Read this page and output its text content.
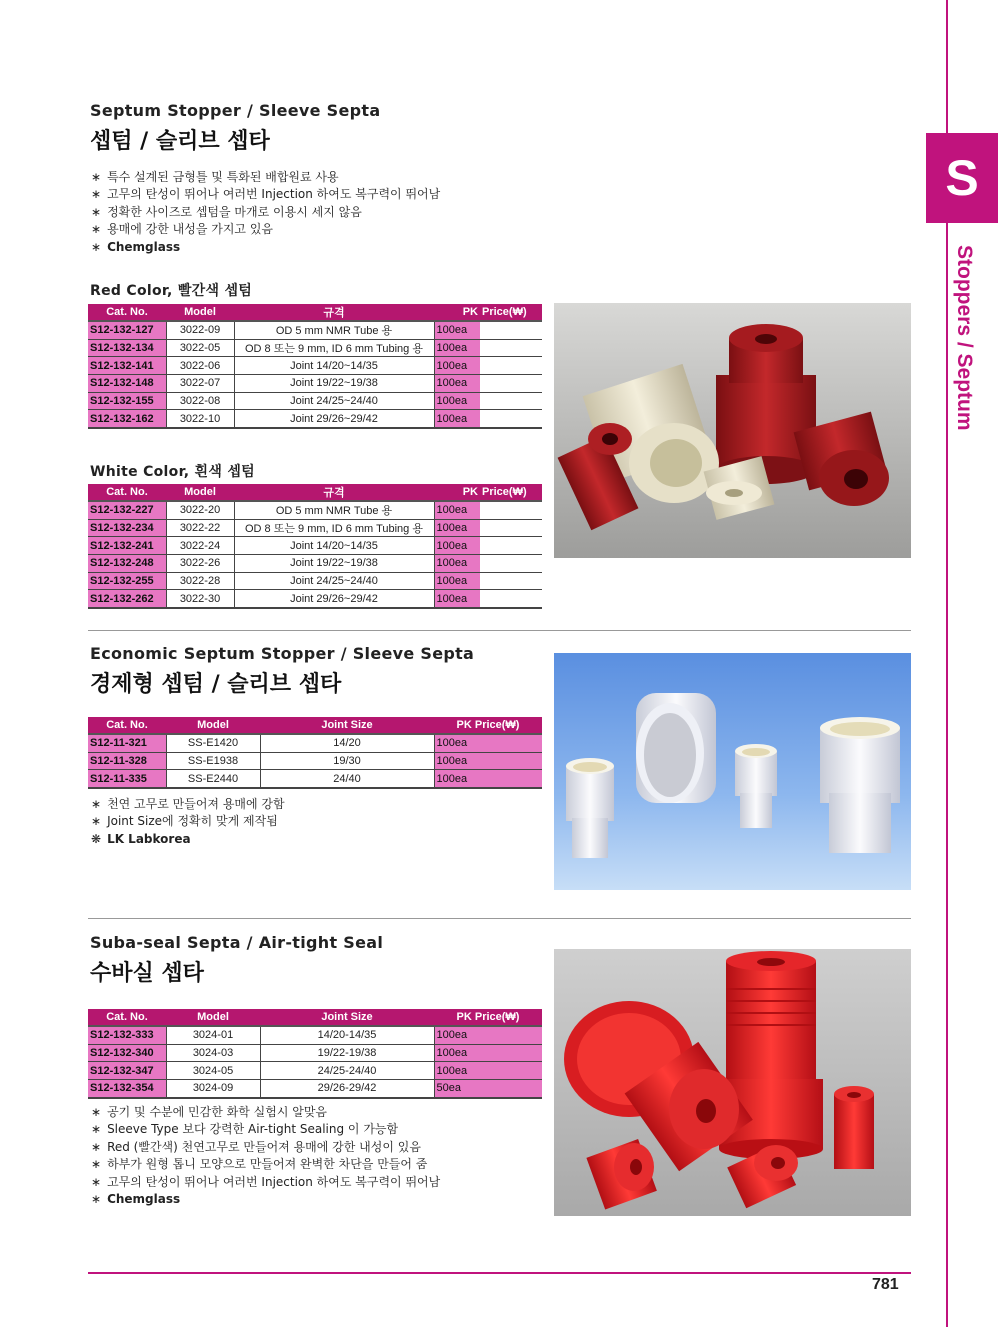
S
Stoppers / Septum
Septum Stopper / Sleeve Septa
셉텀 / 슬리브 셉타
∗ 특수 설계된 금형틀 및 특화된 배합원료 사용
∗ 고무의 탄성이 뛰어나 여러번 Injection 하여도 복구력이 뛰어남
∗ 정확한 사이즈로 셉텀을 마개로 이용시 세지 않음
∗ 용매에 강한 내성을 가지고 있음
∗ Chemglass
Red Color, 빨간색 셉텀
Cat. No.	Model	규격	PK	Price(₩)
S12-132-127	3022-09	OD 5 mm NMR Tube 용	100ea	
S12-132-134	3022-05	OD 8 또는 9 mm, ID 6 mm Tubing 용	100ea	
S12-132-141	3022-06	Joint 14/20~14/35	100ea	
S12-132-148	3022-07	Joint 19/22~19/38	100ea	
S12-132-155	3022-08	Joint 24/25~24/40	100ea	
S12-132-162	3022-10	Joint 29/26~29/42	100ea	
White Color, 흰색 셉텀
Cat. No.	Model	규격	PK	Price(₩)
S12-132-227	3022-20	OD 5 mm NMR Tube 용	100ea	
S12-132-234	3022-22	OD 8 또는 9 mm, ID 6 mm Tubing 용	100ea	
S12-132-241	3022-24	Joint 14/20~14/35	100ea	
S12-132-248	3022-26	Joint 19/22~19/38	100ea	
S12-132-255	3022-28	Joint 24/25~24/40	100ea	
S12-132-262	3022-30	Joint 29/26~29/42	100ea	
Economic Septum Stopper / Sleeve Septa
경제형 셉텀 / 슬리브 셉타
Cat. No.	Model	Joint Size	PK Price(₩)
S12-11-321	SS-E1420	14/20	100ea
S12-11-328	SS-E1938	19/30	100ea
S12-11-335	SS-E2440	24/40	100ea
∗ 천연 고무로 만들어져 용매에 강함
∗ Joint Size에 정확히 맞게 제작됨
❋ LK Labkorea
Suba-seal Septa / Air-tight Seal
수바실 셉타
Cat. No.	Model	Joint Size	PK Price(₩)
S12-132-333	3024-01	14/20-14/35	100ea
S12-132-340	3024-03	19/22-19/38	100ea
S12-132-347	3024-05	24/25-24/40	100ea
S12-132-354	3024-09	29/26-29/42	50ea
∗ 공기 및 수분에 민감한 화학 실험시 알맞음
∗ Sleeve Type 보다 강력한 Air-tight Sealing 이 가능함
∗ Red (빨간색) 천연고무로 만들어져 용매에 강한 내성이 있음
∗ 하부가 원형 톱니 모양으로 만들어져 완벽한 차단을 만들어 줌
∗ 고무의 탄성이 뛰어나 여러번 Injection 하여도 복구력이 뛰어남
∗ Chemglass
781
